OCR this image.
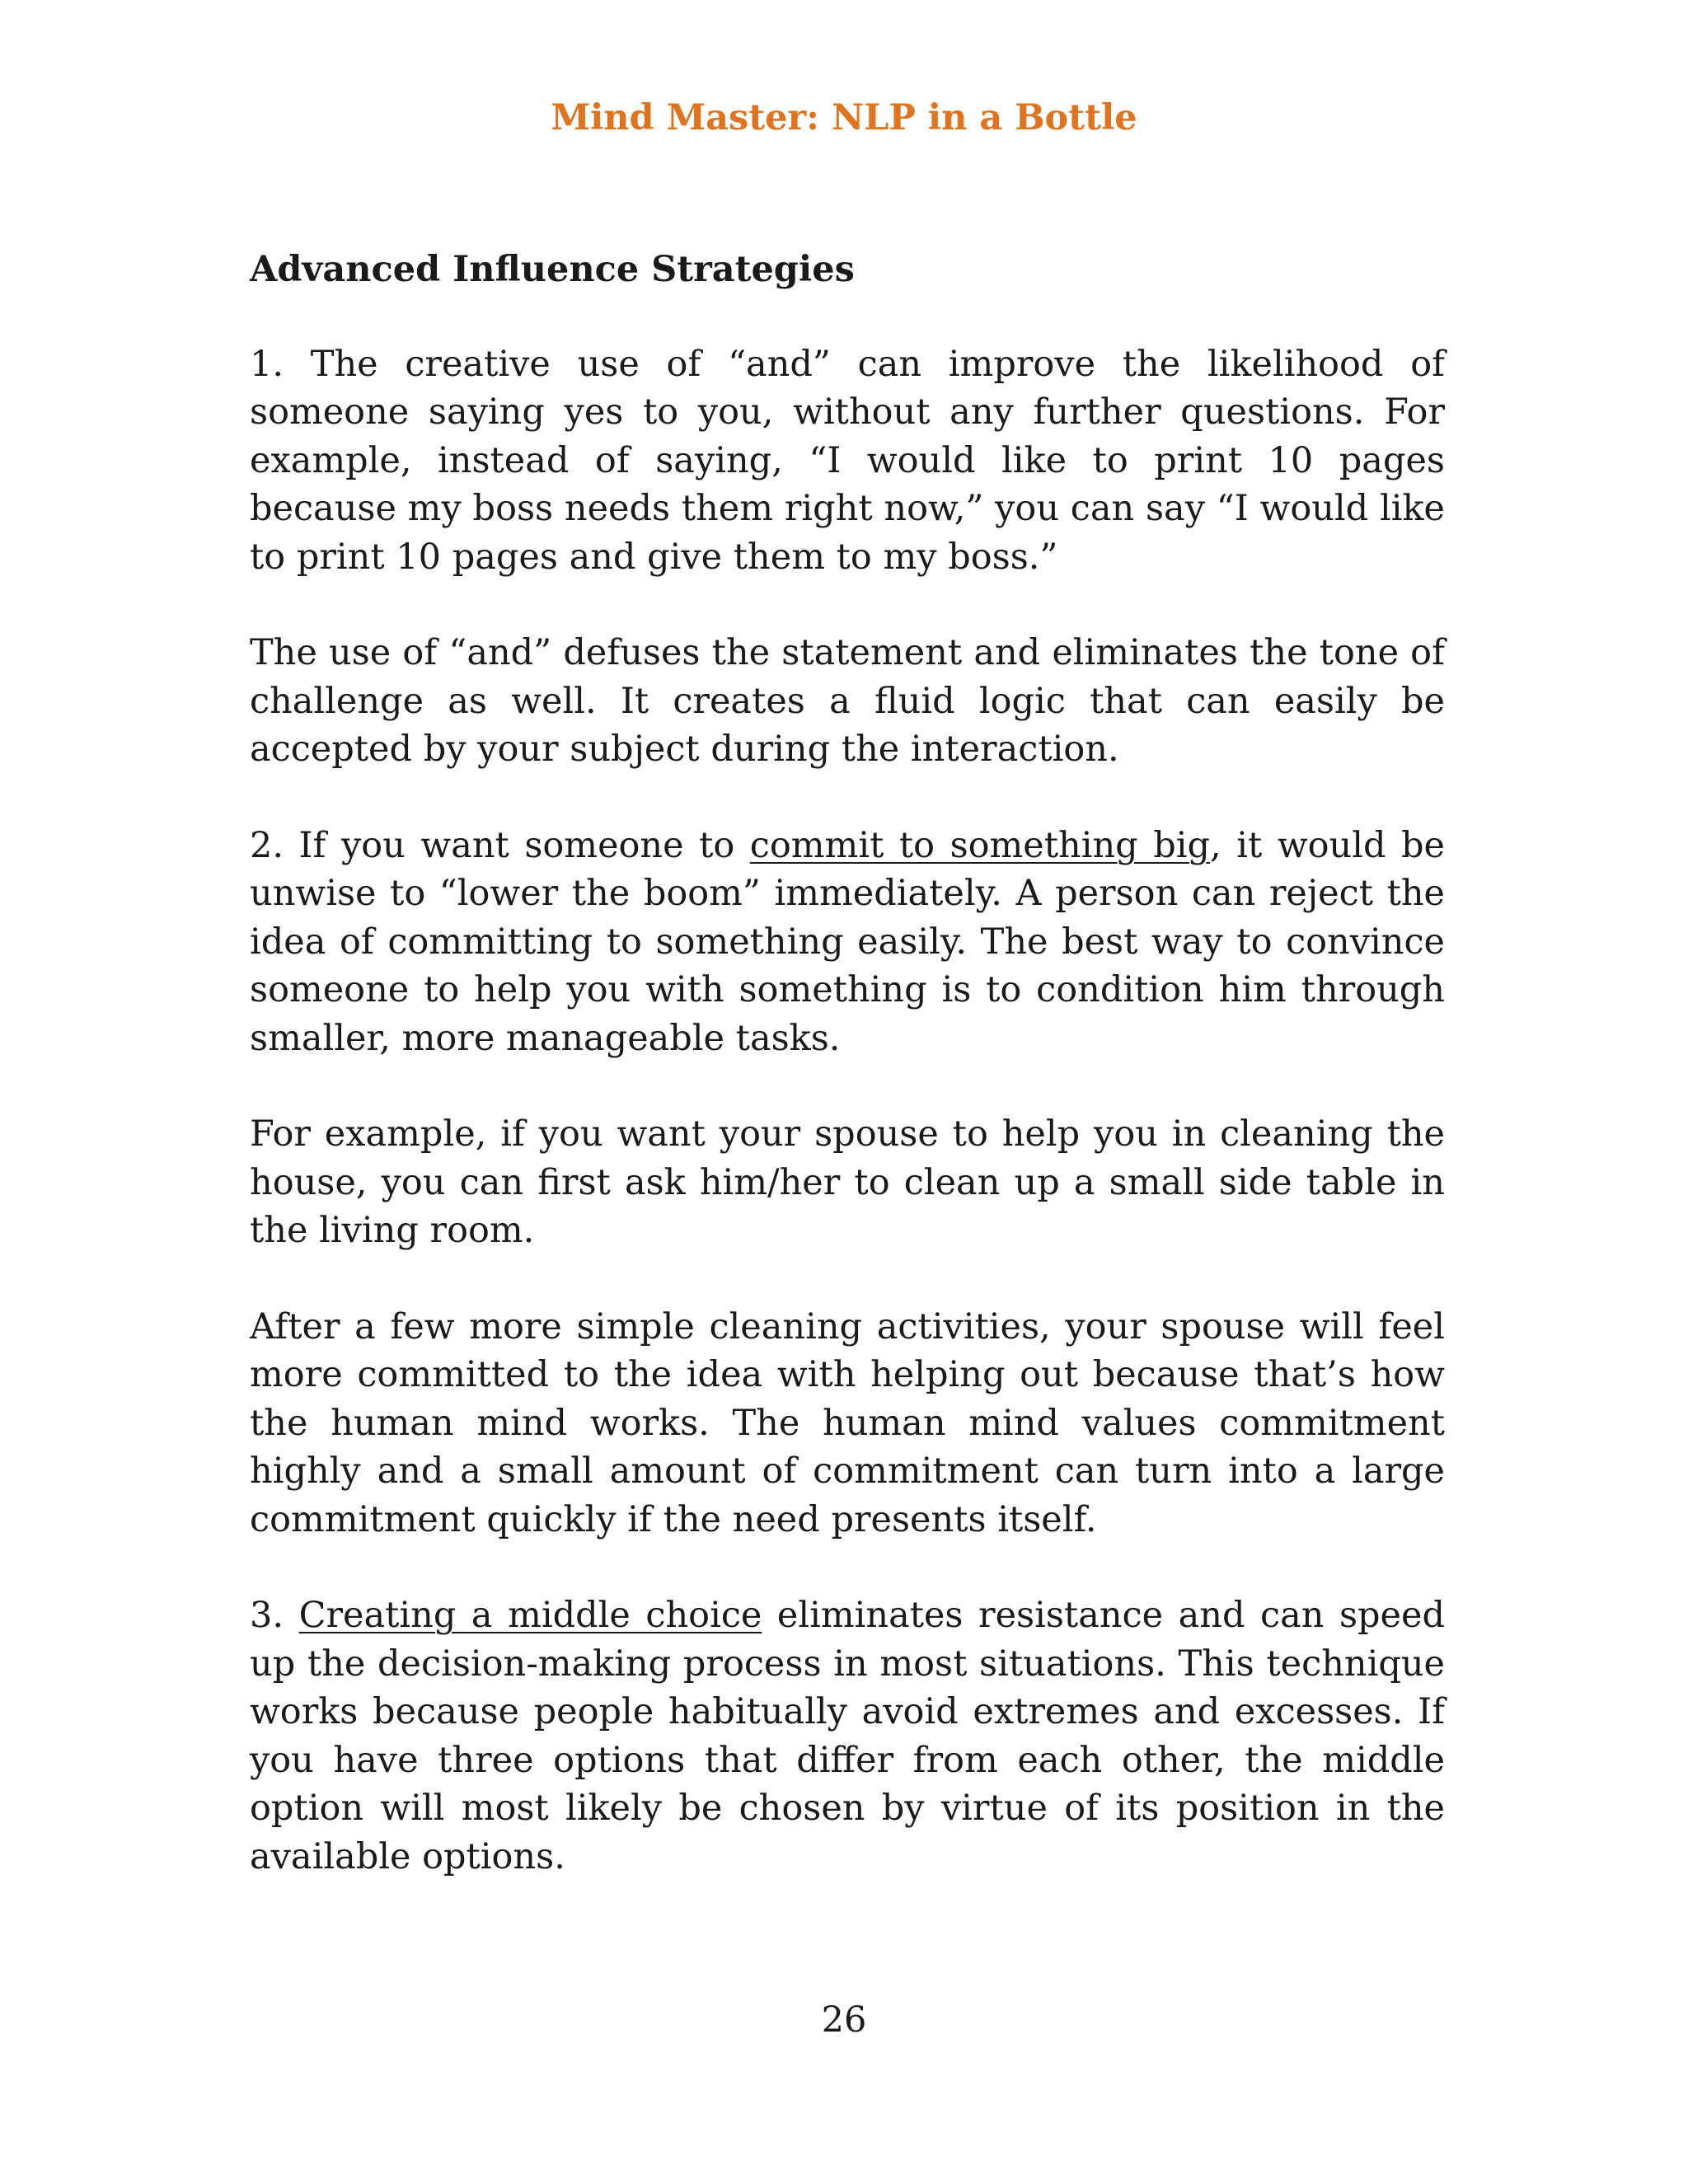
Mind Master: NLP in a Bottle
Advanced Influence Strategies

1. The creative use of “and” can improve the likelihood of someone saying yes to you, without any further questions. For example, instead of saying, “I would like to print 10 pages because my boss needs them right now,” you can say “I would like to print 10 pages and give them to my boss.”

The use of “and” defuses the statement and eliminates the tone of challenge as well. It creates a fluid logic that can easily be accepted by your subject during the interaction.

2. If you want someone to commit to something big, it would be unwise to “lower the boom” immediately. A person can reject the idea of committing to something easily. The best way to convince someone to help you with something is to condition him through smaller, more manageable tasks.

For example, if you want your spouse to help you in cleaning the house, you can first ask him/her to clean up a small side table in the living room.

After a few more simple cleaning activities, your spouse will feel more committed to the idea with helping out because that’s how the human mind works. The human mind values commitment highly and a small amount of commitment can turn into a large commitment quickly if the need presents itself.

3. Creating a middle choice eliminates resistance and can speed up the decision-making process in most situations. This technique works because people habitually avoid extremes and excesses. If you have three options that differ from each other, the middle option will most likely be chosen by virtue of its position in the available options.

26
